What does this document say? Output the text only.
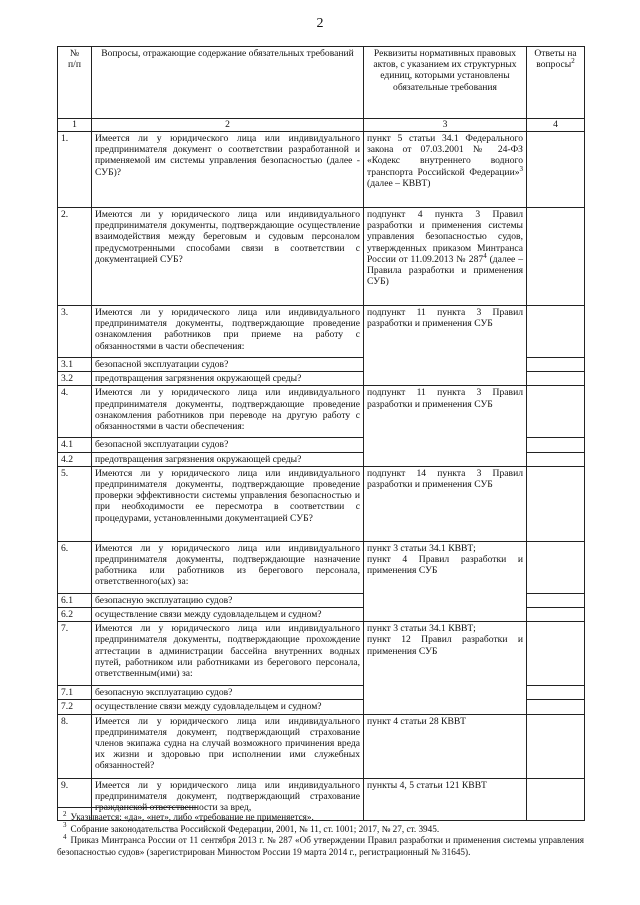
2
№
п/п	Вопросы, отражающие содержание обязательных требований	Реквизиты нормативных правовых актов, с указанием их структурных единиц, которыми установлены обязательные требования	Ответы на вопросы$^2$
1	2	3	4
1.	Имеется ли у юридического лица или индивидуального предпринимателя документ о соответствии разработанной и применяемой им системы управления безопасностью (далее - СУБ)?	пункт 5 статьи 34.1 Федерального закона от 07.03.2001 № 24-ФЗ «Кодекс внутреннего водного транспорта Российской Федерации»$^3$ (далее – КВВТ)	
2.	Имеются ли у юридического лица или индивидуального предпринимателя документы, подтверждающие осуществление взаимодействия между береговым и судовым персоналом предусмотренными способами связи в соответствии с документацией СУБ?	подпункт 4 пункта 3 Правил разработки и применения системы управления безопасностью судов, утвержденных приказом Минтранса России от 11.09.2013 № $287^4$ (далее – Правила разработки и применения СУБ)	
3.	Имеются ли у юридического лица или индивидуального предпринимателя документы, подтверждающие проведение ознакомления работников при приеме на работу с обязанностями в части обеспечения:	подпункт 11 пункта 3 Правил разработки и применения СУБ	
3.1	безопасной эксплуатации судов?		
3.2	предотвращения загрязнения окружающей среды?		
4.	Имеются ли у юридического лица или индивидуального предпринимателя документы, подтверждающие проведение ознакомления работников при переводе на другую работу с обязанностями в части обеспечения:	подпункт 11 пункта 3 Правил разработки и применения СУБ	
4.1	безопасной эксплуатации судов?		
4.2	предотвращения загрязнения окружающей среды?		
5.	Имеются ли у юридического лица или индивидуального предпринимателя документы, подтверждающие проведение проверки эффективности системы управления безопасностью и при необходимости ее пересмотра в соответствии с процедурами, установленными документацией СУБ?	подпункт 14 пункта 3 Правил разработки и применения СУБ	
6.	Имеются ли у юридического лица или индивидуального предпринимателя документы, подтверждающие назначение работника или работников из берегового персонала, ответственного(ых) за:	пункт 3 статьи 34.1 КВВТ;
пункт 4 Правил разработки и применения СУБ	
6.1	безопасную эксплуатацию судов?		
6.2	осуществление связи между судовладельцем и судном?		
7.	Имеются ли у юридического лица или индивидуального предпринимателя документы, подтверждающие прохождение аттестации в администрации бассейна внутренних водных путей, работником или работниками из берегового персонала, ответственным(ими) за:	пункт 3 статьи 34.1 КВВТ;
пункт 12 Правил разработки и применения СУБ	
7.1	безопасную эксплуатацию судов?		
7.2	осуществление связи между судовладельцем и судном?		
8.	Имеется ли у юридического лица или индивидуального предпринимателя документ, подтверждающий страхование членов экипажа судна на случай возможного причинения вреда их жизни и здоровью при исполнении ими служебных обязанностей?	пункт 4 статьи 28 КВВТ	
9.	Имеется ли у юридического лица или индивидуального предпринимателя документ, подтверждающий страхование гражданской ответственности за вред,	пункты 4, 5 статьи 121 КВВТ	
$^2$ Указывается: «да», «нет», либо «требование не применяется».
$^3$ Собрание законодательства Российской Федерации, 2001, № 11, ст. 1001; 2017, № 27, ст. 3945.
$^4$ Приказ Минтранса России от 11 сентября 2013 г. № 287 «Об утверждении Правил разработки и применения системы управления безопасностью судов» (зарегистрирован Минюстом России 19 марта 2014 г., регистрационный № 31645).
